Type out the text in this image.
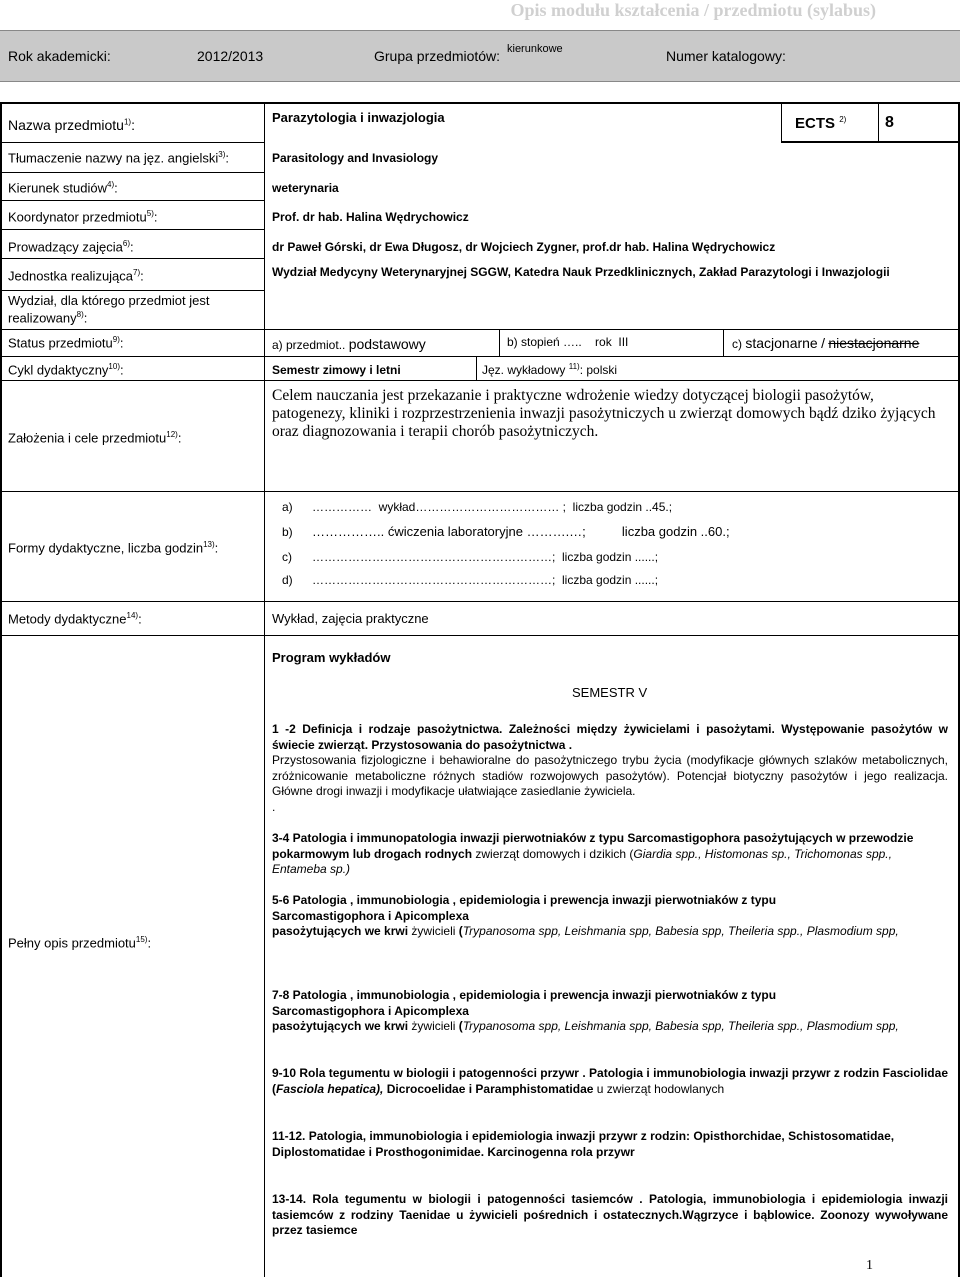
Opis modułu kształcenia / przedmiotu (sylabus)
Rok akademicki:	2012/2013	Grupa przedmiotów: kierunkowe	Numer katalogowy:
Nazwa przedmiotu$^{1)}$:	Parazytologia i inwazjologia	ECTS $^{2)}$ 8
Tłumaczenie nazwy na jęz. angielski$^{3)}$:	Parasitology and Invasiology
Kierunek studiów$^{4)}$:	weterynaria
Koordynator przedmiotu$^{5)}$:	Prof. dr hab. Halina Wędrychowicz
Prowadzący zajęcia$^{6)}$:	dr Paweł Górski, dr Ewa Długosz, dr Wojciech Zygner, prof.dr hab. Halina Wędrychowicz
Jednostka realizująca$^{7)}$:	Wydział Medycyny Weterynaryjnej SGGW, Katedra Nauk Przedklinicznych, Zakład Parazytologi i Inwazjologii
Wydział, dla którego przedmiot jest
realizowany$^{8)}$:
Status przedmiotu$^{9)}$:	a) przedmiot.. podstawowy	b) stopień …..    rok  III	c) stacjonarne / niestacjonarne
Cykl dydaktyczny$^{10)}$:	Semestr zimowy i letni	Jęz. wykładowy $^{11)}$: polski
Założenia i cele przedmiotu$^{12)}$:
Celem nauczania jest przekazanie i praktyczne wdrożenie wiedzy dotyczącej biologii pasożytów, patogenezy, kliniki i rozprzestrzenienia inwazji pasożytniczych u zwierząt domowych bądź dziko żyjących oraz diagnozowania i terapii chorób pasożytniczych.
Formy dydaktyczne, liczba godzin$^{13)}$:
a) ……………  wykład……………………………… ;  liczba godzin ..45.;
b) …………….. ćwiczenia laboratoryjne ……….…;          liczba godzin ..60.;
c) ……………………………………………………;  liczba godzin ......;
d) ……………………………………………………;  liczba godzin ......;
Metody dydaktyczne$^{14)}$:	Wykład, zajęcia praktyczne
Pełny opis przedmiotu$^{15)}$:
Program wykładów
SEMESTR V
1 -2 Definicja i rodzaje pasożytnictwa. Zależności między żywicielami i pasożytami. Występowanie pasożytów w świecie zwierząt. Przystosowania do pasożytnictwa .
Przystosowania fizjologiczne i behawioralne do pasożytniczego trybu życia (modyfikacje głównych szlaków metabolicznych, zróżnicowanie metaboliczne różnych stadiów rozwojowych pasożytów). Potencjał biotyczny pasożytów i jego realizacja. Główne drogi inwazji i modyfikacje ułatwiające zasiedlanie żywiciela.
.
3-4 Patologia i immunopatologia inwazji pierwotniaków z typu Sarcomastigophora pasożytujących w przewodzie pokarmowym lub drogach rodnych zwierząt domowych i dzikich (Giardia spp., Histomonas sp., Trichomonas spp., Entameba sp.)
5-6 Patologia , immunobiologia , epidemiologia i prewencja inwazji pierwotniaków z typu
Sarcomastigophora i Apicomplexa
pasożytujących we krwi żywicieli (Trypanosoma spp, Leishmania spp, Babesia spp, Theileria spp., Plasmodium spp,
7-8 Patologia , immunobiologia , epidemiologia i prewencja inwazji pierwotniaków z typu
Sarcomastigophora i Apicomplexa
pasożytujących we krwi żywicieli (Trypanosoma spp, Leishmania spp, Babesia spp, Theileria spp., Plasmodium spp,
9-10 Rola tegumentu w biologii i patogenności przywr . Patologia i immunobiologia inwazji przywr z rodzin Fasciolidae (Fasciola hepatica), Dicrocoelidae i Paramphistomatidae u zwierząt hodowlanych
11-12. Patologia, immunobiologia i epidemiologia inwazji przywr z rodzin: Opisthorchidae, Schistosomatidae, Diplostomatidae i Prosthogonimidae. Karcinogenna rola przywr
13-14. Rola tegumentu w biologii i patogenności tasiemców . Patologia, immunobiologia i epidemiologia inwazji tasiemców z rodziny Taenidae u żywicieli pośrednich i ostatecznych.Wągrzyce i bąblowice. Zoonozy wywoływane przez tasiemce
1
